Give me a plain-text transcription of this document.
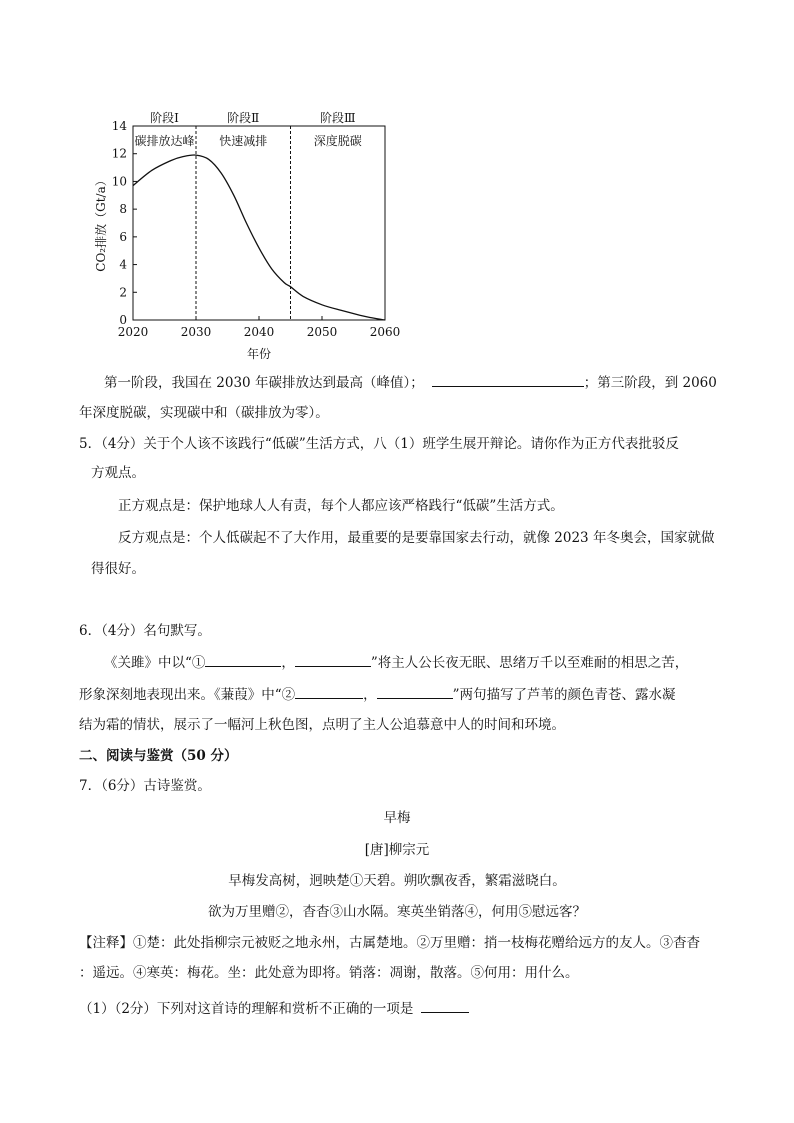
0
2
4
6
8
10
12
14
2020	2030	2040	2050	2060
阶段Ⅰ
碳排放达峰
阶段Ⅱ
快速减排
阶段Ⅲ
深度脱碳
CO₂排放（Gt/a）
年份
第一阶段，我国在 2030 年碳排放达到最高（峰值）；	；第三阶段，到 2060
年深度脱碳，实现碳中和（碳排放为零）。
5．（4分）关于个人该不该践行“低碳”生活方式，八（1）班学生展开辩论。请你作为正方代表批驳反
方观点。
正方观点是：保护地球人人有责，每个人都应该严格践行“低碳”生活方式。
反方观点是：个人低碳起不了大作用，最重要的是要靠国家去行动，就像 2023 年冬奥会，国家就做
得很好。
6．（4分）名句默写。
《关雎》中以“①	，	”将主人公长夜无眠、思绪万千以至难耐的相思之苦，
形象深刻地表现出来。《蒹葭》中“②	，	”两句描写了芦苇的颜色青苍、露水凝
结为霜的情状，展示了一幅河上秋色图，点明了主人公追慕意中人的时间和环境。
二、阅读与鉴赏（50 分）
7．（6分）古诗鉴赏。
早梅
[唐]柳宗元
早梅发高树，迥映楚①天碧。朔吹飘夜香，繁霜滋晓白。
欲为万里赠②，杳杳③山水隔。寒英坐销落④，何用⑤慰远客？
【注释】①楚：此处指柳宗元被贬之地永州，古属楚地。②万里赠：捎一枝梅花赠给远方的友人。③杳杳
：遥远。④寒英：梅花。坐：此处意为即将。销落：凋谢，散落。⑤何用：用什么。
（1）（2分）下列对这首诗的理解和赏析不正确的一项是
